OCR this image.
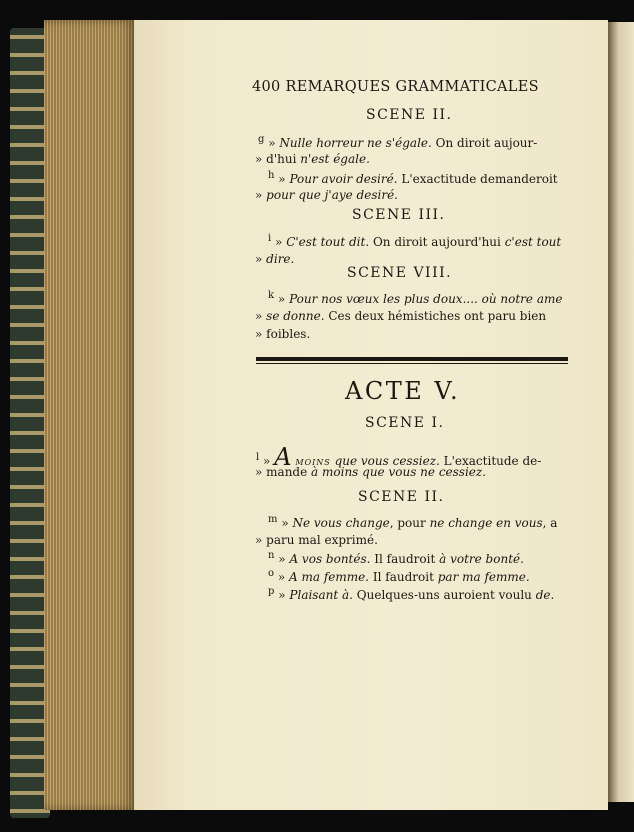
400 REMARQUES GRAMMATICALES
SCENE II.
$^g$ » Nulle horreur ne s'égale. On diroit aujour-
» d'hui n'est égale.
$^h$ » Pour avoir desiré. L'exactitude demanderoit
» pour que j'aye desiré.
SCENE III.
$^i$ » C'est tout dit. On diroit aujourd'hui c'est tout
» dire.
SCENE VIII.
$^k$ » Pour nos vœux les plus doux.... où notre ame
» se donne. Ces deux hémistiches ont paru bien
» foibles.
ACTE V.
SCENE I.
$^l$ » A MOINS que vous cessiez. L'exactitude de-
» mande à moins que vous ne cessiez.
SCENE II.
$^m$ » Ne vous change, pour ne change en vous, a
» paru mal exprimé.
$^n$ » A vos bontés. Il faudroit à votre bonté.
$^o$ » A ma femme. Il faudroit par ma femme.
$^p$ » Plaisant à. Quelques-uns auroient voulu de.
